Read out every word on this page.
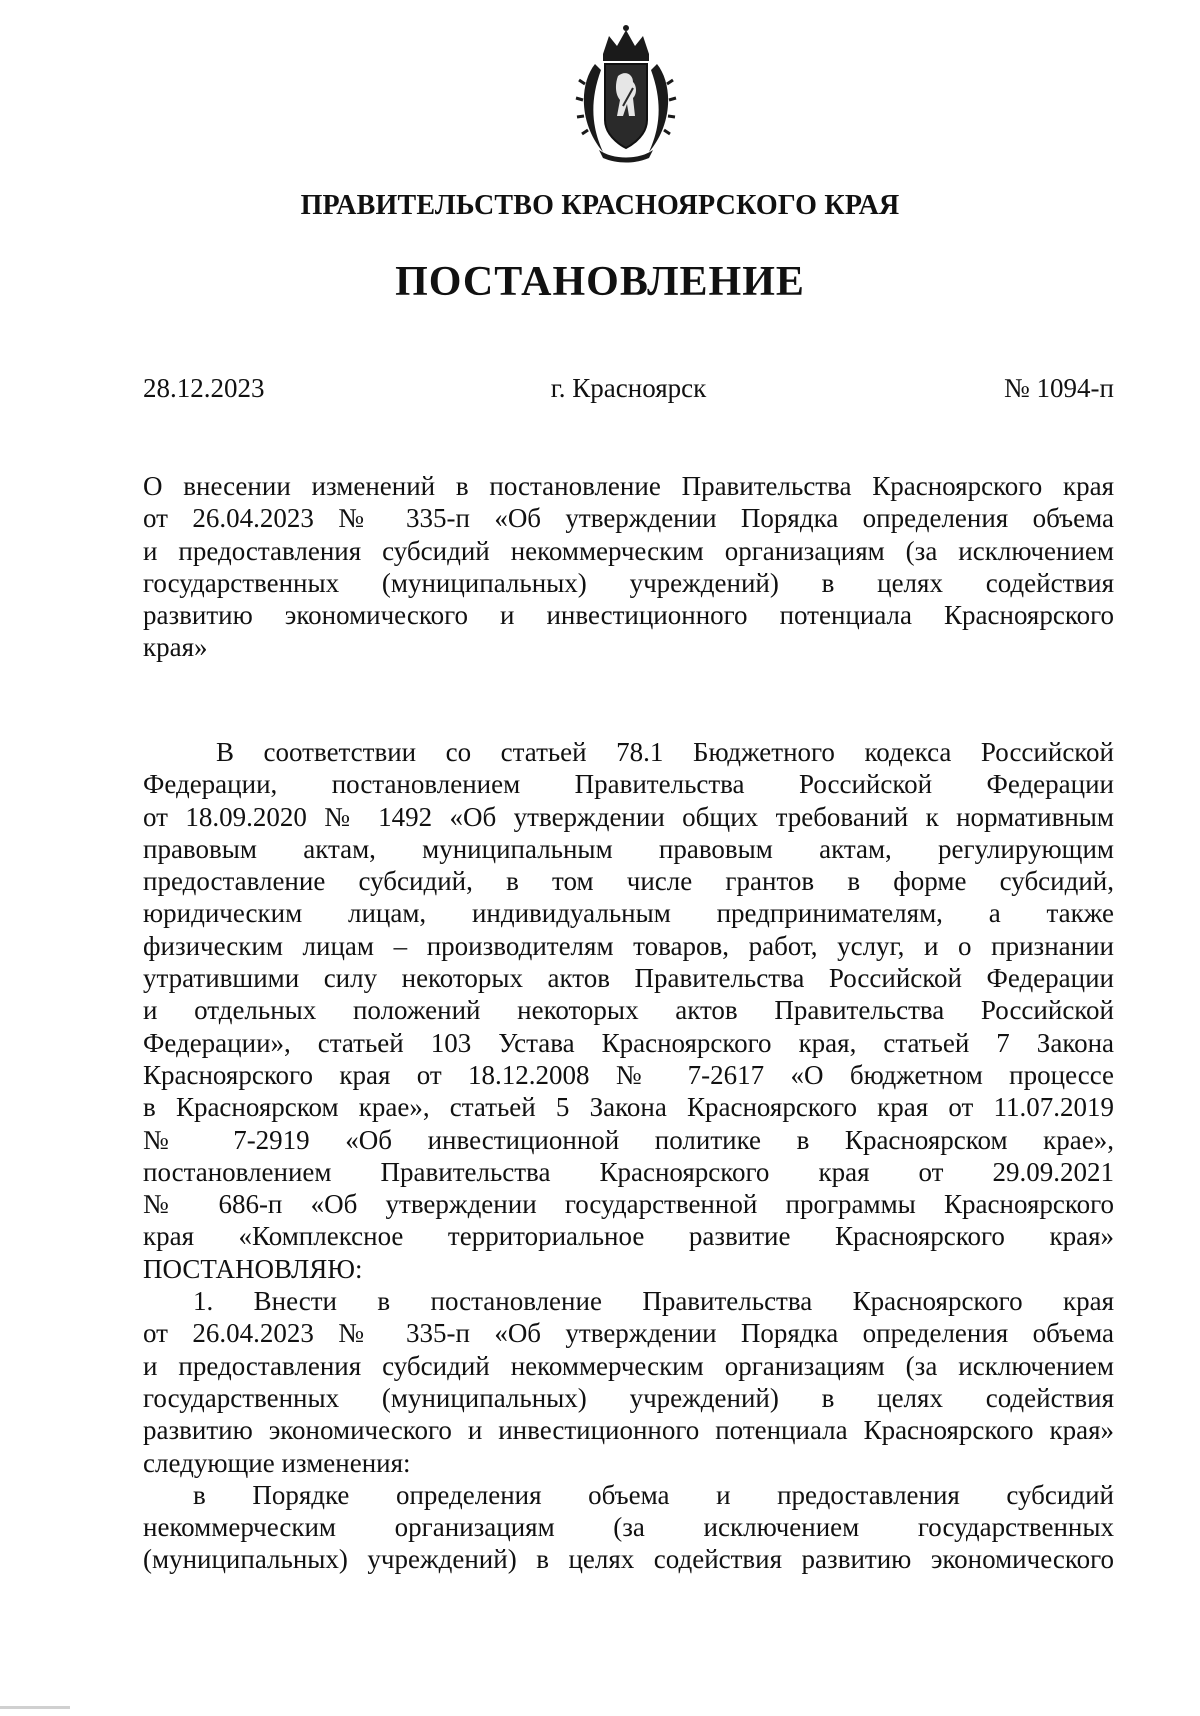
ПРАВИТЕЛЬСТВО КРАСНОЯРСКОГО КРАЯ
ПОСТАНОВЛЕНИЕ
28.12.2023	г. Красноярск	№ 1094-п
О внесении изменений в постановление Правительства Красноярского края
от 26.04.2023 № 335-п «Об утверждении Порядка определения объема
и предоставления субсидий некоммерческим организациям (за исключением
государственных (муниципальных) учреждений) в целях содействия
развитию экономического и инвестиционного потенциала Красноярского
края»
В соответствии со статьей 78.1 Бюджетного кодекса Российской
Федерации, постановлением Правительства Российской Федерации
от 18.09.2020 № 1492 «Об утверждении общих требований к нормативным
правовым актам, муниципальным правовым актам, регулирующим
предоставление субсидий, в том числе грантов в форме субсидий,
юридическим лицам, индивидуальным предпринимателям, а также
физическим лицам – производителям товаров, работ, услуг, и о признании
утратившими силу некоторых актов Правительства Российской Федерации
и отдельных положений некоторых актов Правительства Российской
Федерации», статьей 103 Устава Красноярского края, статьей 7 Закона
Красноярского края от 18.12.2008 № 7-2617 «О бюджетном процессе
в Красноярском крае», статьей 5 Закона Красноярского края от 11.07.2019
№ 7-2919 «Об инвестиционной политике в Красноярском крае»,
постановлением Правительства Красноярского края от 29.09.2021
№ 686-п «Об утверждении государственной программы Красноярского
края «Комплексное территориальное развитие Красноярского края»
ПОСТАНОВЛЯЮ:
1. Внести в постановление Правительства Красноярского края
от 26.04.2023 № 335-п «Об утверждении Порядка определения объема
и предоставления субсидий некоммерческим организациям (за исключением
государственных (муниципальных) учреждений) в целях содействия
развитию экономического и инвестиционного потенциала Красноярского края»
следующие изменения:
в Порядке определения объема и предоставления субсидий
некоммерческим организациям (за исключением государственных
(муниципальных) учреждений) в целях содействия развитию экономического
